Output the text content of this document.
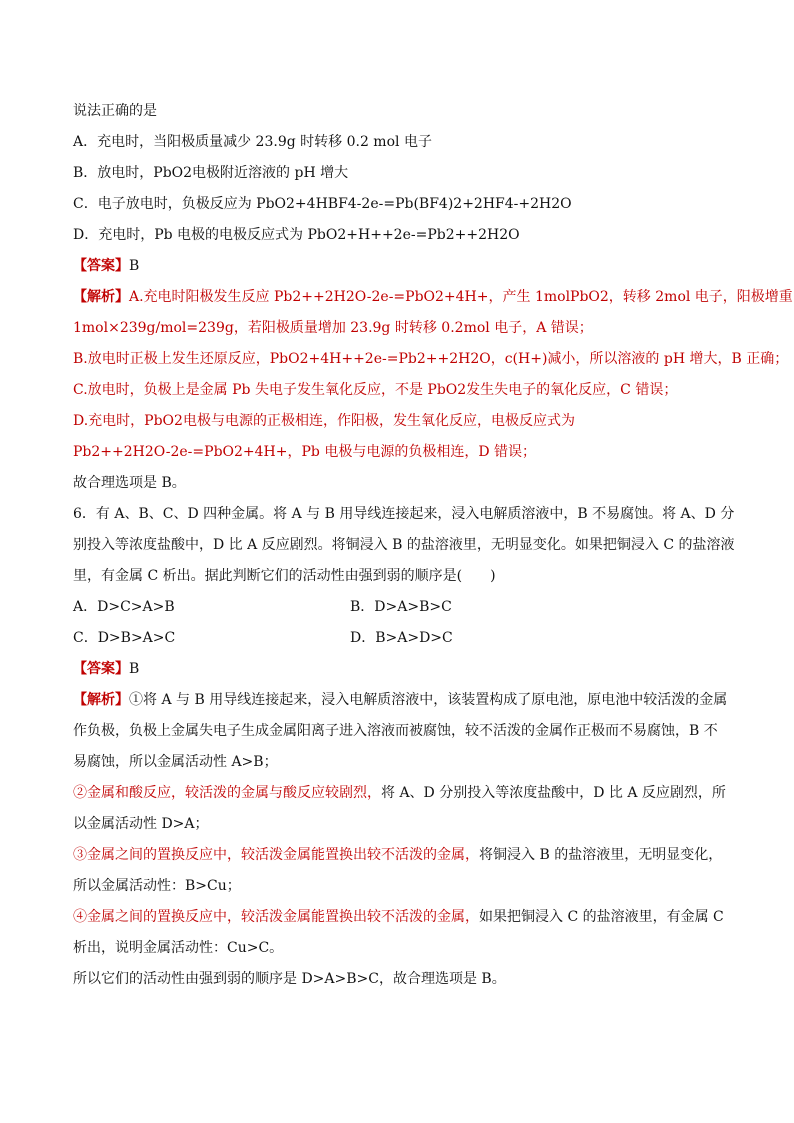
说法正确的是
A．充电时，当阳极质量减少 23.9g 时转移 0.2 mol 电子
B．放电时，PbO2电极附近溶液的 pH 增大
C．电子放电时，负极反应为 PbO2+4HBF4-2e-=Pb(BF4)2+2HF4-+2H2O
D．充电时，Pb 电极的电极反应式为 PbO2+H++2e-=Pb2++2H2O
【答案】B
【解析】A.充电时阳极发生反应 Pb2++2H2O-2e-=PbO2+4H+，产生 1molPbO2，转移 2mol 电子，阳极增重
1mol×239g/mol=239g，若阳极质量增加 23.9g 时转移 0.2mol 电子，A 错误；
B.放电时正极上发生还原反应，PbO2+4H++2e-=Pb2++2H2O，c(H+)减小，所以溶液的 pH 增大，B 正确；
C.放电时，负极上是金属 Pb 失电子发生氧化反应，不是 PbO2发生失电子的氧化反应，C 错误；
D.充电时，PbO2电极与电源的正极相连，作阳极，发生氧化反应，电极反应式为
Pb2++2H2O-2e-=PbO2+4H+，Pb 电极与电源的负极相连，D 错误；
故合理选项是 B。
6．有 A、B、C、D 四种金属。将 A 与 B 用导线连接起来，浸入电解质溶液中，B 不易腐蚀。将 A、D 分
别投入等浓度盐酸中，D 比 A 反应剧烈。将铜浸入 B 的盐溶液里，无明显变化。如果把铜浸入 C 的盐溶液
里，有金属 C 析出。据此判断它们的活动性由强到弱的顺序是(　　)
A．D>C>A>B	B．D>A>B>C
C．D>B>A>C	D．B>A>D>C
【答案】B
【解析】①将 A 与 B 用导线连接起来，浸入电解质溶液中，该装置构成了原电池，原电池中较活泼的金属
作负极，负极上金属失电子生成金属阳离子进入溶液而被腐蚀，较不活泼的金属作正极而不易腐蚀，B 不
易腐蚀，所以金属活动性 A>B；
②金属和酸反应，较活泼的金属与酸反应较剧烈，将 A、D 分别投入等浓度盐酸中，D 比 A 反应剧烈，所
以金属活动性 D>A；
③金属之间的置换反应中，较活泼金属能置换出较不活泼的金属，将铜浸入 B 的盐溶液里，无明显变化，
所以金属活动性：B>Cu；
④金属之间的置换反应中，较活泼金属能置换出较不活泼的金属，如果把铜浸入 C 的盐溶液里，有金属 C
析出，说明金属活动性：Cu>C。
所以它们的活动性由强到弱的顺序是 D>A>B>C，故合理选项是 B。
